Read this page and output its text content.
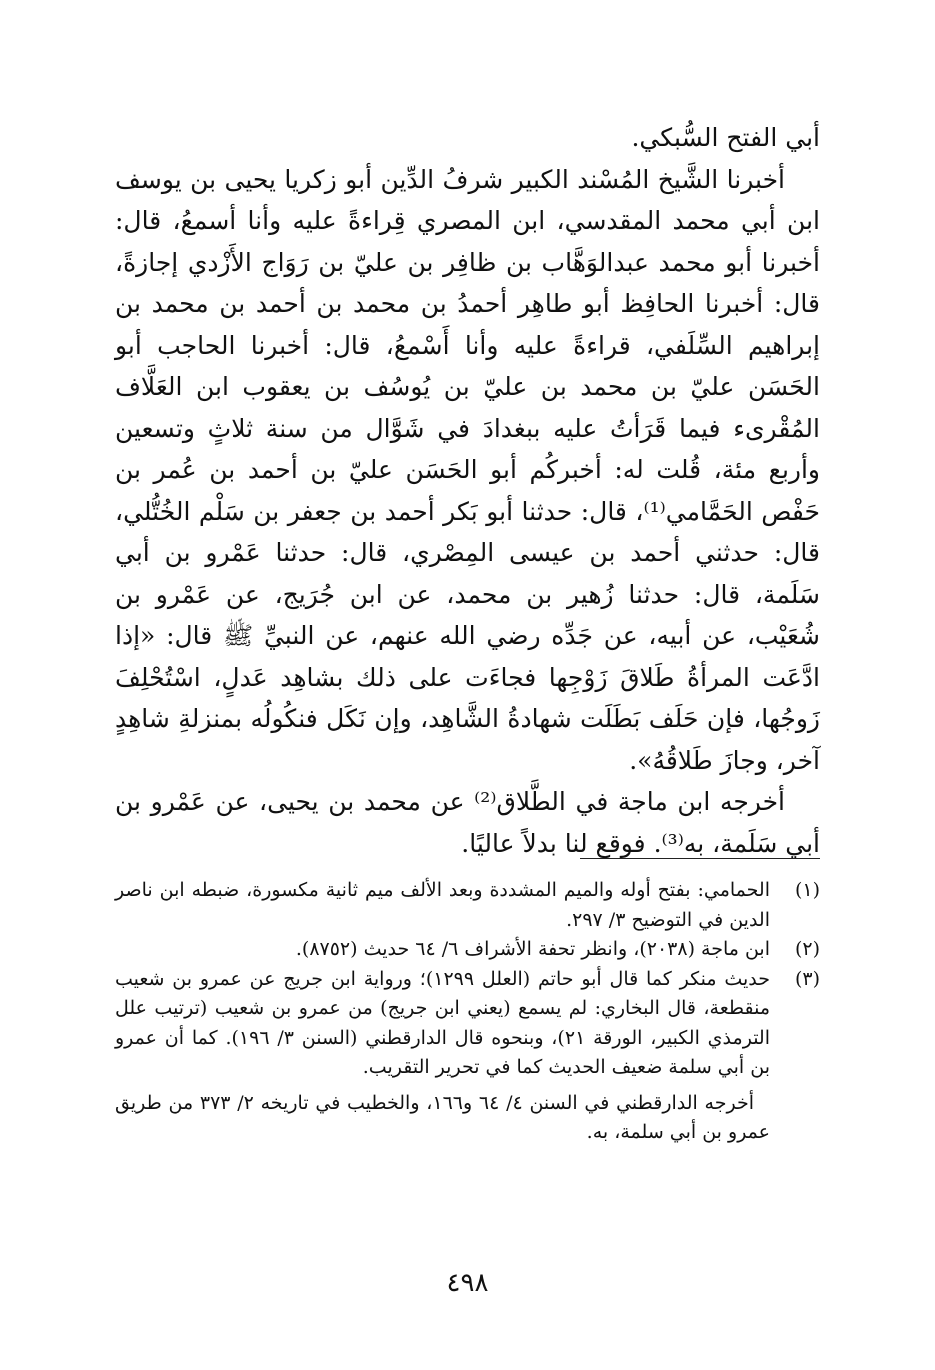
أبي الفتح السُّبكي.

أخبرنا الشَّيخ المُسْند الكبير شرفُ الدِّين أبو زكريا يحيى بن يوسف ابن أبي محمد المقدسي، ابن المصري قِراءةً عليه وأنا أسمعُ، قال: أخبرنا أبو محمد عبدالوَهَّاب بن ظافِر بن عليّ بن رَوَاج الأَزْدي إجازةً، قال: أخبرنا الحافِظ أبو طاهِر أحمدُ بن محمد بن أحمد بن محمد بن إبراهيم السِّلَفي، قراءةً عليه وأنا أَسْمعُ، قال: أخبرنا الحاجب أبو الحَسَن عليّ بن محمد بن عليّ بن يُوسُف بن يعقوب ابن العَلَّاف المُقْرىء فيما قَرَأتُ عليه ببغدادَ في شَوَّال من سنة ثلاثٍ وتسعين وأربع مئة، قُلت له: أخبركُم أبو الحَسَن عليّ بن أحمد بن عُمر بن حَفْص الحَمَّامي⁽¹⁾، قال: حدثنا أبو بَكر أحمد بن جعفر بن سَلْم الخُتُّلي، قال: حدثني أحمد بن عيسى المِصْري، قال: حدثنا عَمْرو بن أبي سَلَمة، قال: حدثنا زُهير بن محمد، عن ابن جُرَيج، عن عَمْرو بن شُعَيْب، عن أبيه، عن جَدِّه رضي الله عنهم، عن النبيِّ ﷺ قال: «إذا ادَّعَت المرأةُ طَلاقَ زَوْجِها فجاءَت على ذلك بشاهِد عَدلٍ، اسْتُحْلِفَ زَوجُها، فإن حَلَف بَطَلَت شهادةُ الشَّاهِد، وإن نَكَل فنكُولُه بمنزلةِ شاهِدٍ آخر، وجازَ طَلاقُهُ».

أخرجه ابن ماجة في الطَّلاق⁽²⁾ عن محمد بن يحيى، عن عَمْرو بن أبي سَلَمة، به⁽³⁾. فوقع لنا بدلاً عاليًا.

(١)
الحمامي: بفتح أوله والميم المشددة وبعد الألف ميم ثانية مكسورة، ضبطه ابن ناصر الدين في التوضيح ٣/ ٢٩٧.
(٢)
ابن ماجة (٢٠٣٨)، وانظر تحفة الأشراف ٦/ ٦٤ حديث (٨٧٥٢).
(٣)
حديث منكر كما قال أبو حاتم (العلل ١٢٩٩)؛ ورواية ابن جريج عن عمرو بن شعيب منقطعة، قال البخاري: لم يسمع (يعني ابن جريج) من عمرو بن شعيب (ترتيب علل الترمذي الكبير، الورقة ٢١)، وبنحوه قال الدارقطني (السنن ٣/ ١٩٦). كما أن عمرو بن أبي سلمة ضعيف الحديث كما في تحرير التقريب.
أخرجه الدارقطني في السنن ٤/ ٦٤ و١٦٦، والخطيب في تاريخه ٢/ ٣٧٣ من طريق عمرو بن أبي سلمة، به.
٤٩٨
